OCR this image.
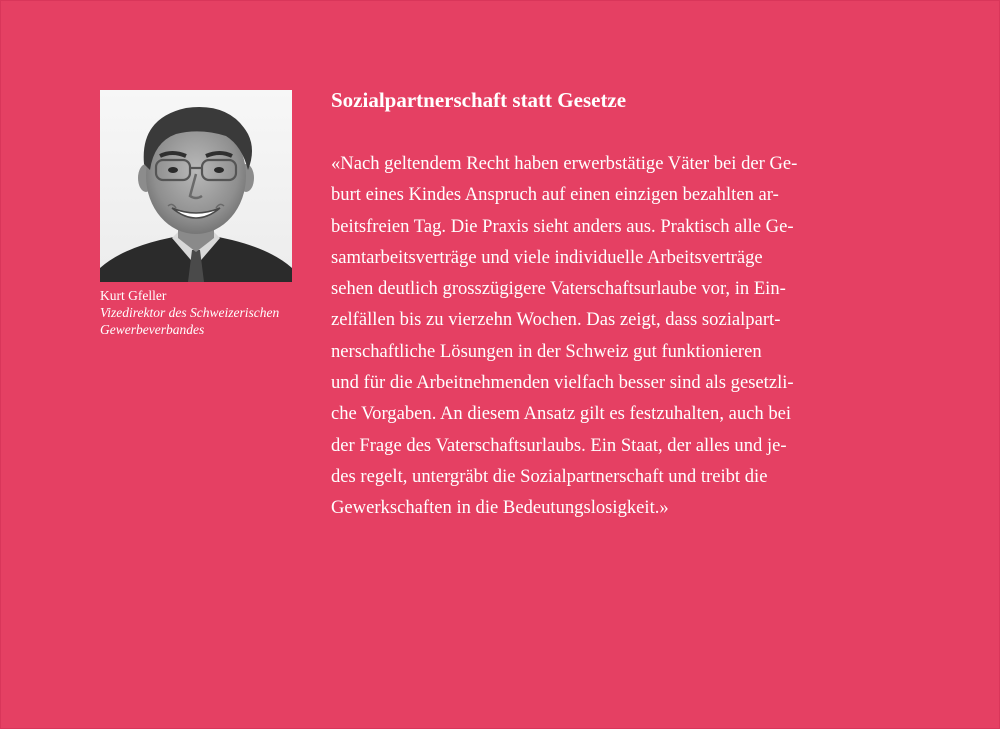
Kurt Gfeller
Vizedirektor des Schweizerischen
Gewerbeverbandes
Sozialpartnerschaft statt Gesetze

«Nach geltendem Recht haben erwerbstätige Väter bei der Ge-
burt eines Kindes Anspruch auf einen einzigen bezahlten ar-
beitsfreien Tag. Die Praxis sieht anders aus. Praktisch alle Ge-
samtarbeitsverträge und viele individuelle Arbeitsverträge
sehen deutlich grosszügigere Vaterschaftsurlaube vor, in Ein-
zelfällen bis zu vierzehn Wochen. Das zeigt, dass sozialpart-
nerschaftliche Lösungen in der Schweiz gut funktionieren
und für die Arbeitnehmenden vielfach besser sind als gesetzli-
che Vorgaben. An diesem Ansatz gilt es festzuhalten, auch bei
der Frage des Vaterschaftsurlaubs. Ein Staat, der alles und je-
des regelt, untergräbt die Sozialpartnerschaft und treibt die
Gewerkschaften in die Bedeutungslosigkeit.»
